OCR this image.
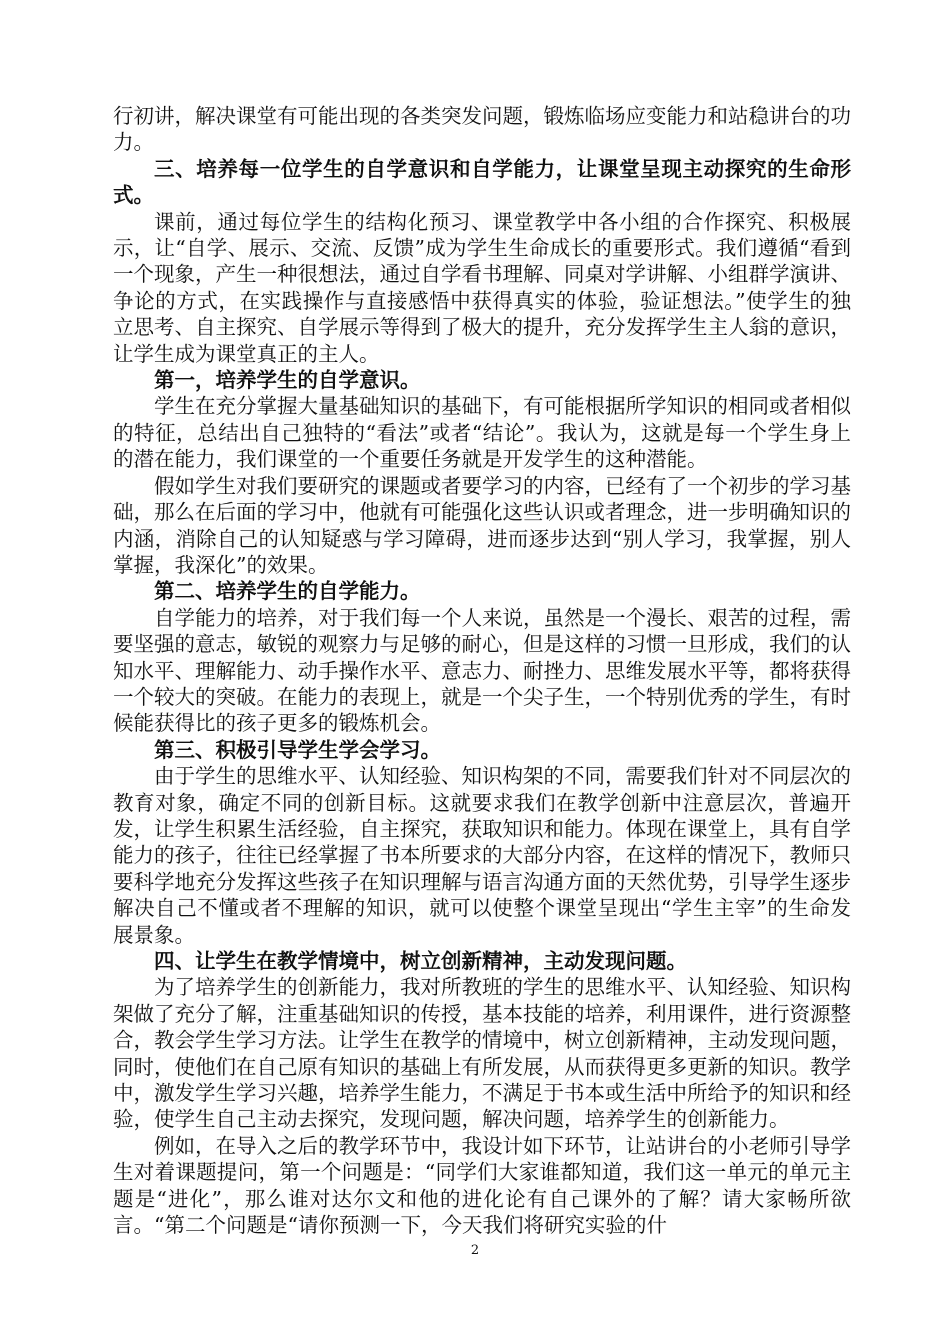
行初讲，解决课堂有可能出现的各类突发问题，锻炼临场应变能力和站稳讲台的功力。

三、培养每一位学生的自学意识和自学能力，让课堂呈现主动探究的生命形式。

课前，通过每位学生的结构化预习、课堂教学中各小组的合作探究、积极展示，让“自学、展示、交流、反馈”成为学生生命成长的重要形式。我们遵循“看到一个现象，产生一种很想法，通过自学看书理解、同桌对学讲解、小组群学演讲、争论的方式，在实践操作与直接感悟中获得真实的体验，验证想法。”使学生的独立思考、自主探究、自学展示等得到了极大的提升，充分发挥学生主人翁的意识，让学生成为课堂真正的主人。

第一，培养学生的自学意识。

学生在充分掌握大量基础知识的基础下，有可能根据所学知识的相同或者相似的特征，总结出自己独特的“看法”或者“结论”。我认为，这就是每一个学生身上的潜在能力，我们课堂的一个重要任务就是开发学生的这种潜能。

假如学生对我们要研究的课题或者要学习的内容，已经有了一个初步的学习基础，那么在后面的学习中，他就有可能强化这些认识或者理念，进一步明确知识的内涵，消除自己的认知疑惑与学习障碍，进而逐步达到“别人学习，我掌握，别人掌握，我深化”的效果。

第二、培养学生的自学能力。

自学能力的培养，对于我们每一个人来说，虽然是一个漫长、艰苦的过程，需要坚强的意志，敏锐的观察力与足够的耐心，但是这样的习惯一旦形成，我们的认知水平、理解能力、动手操作水平、意志力、耐挫力、思维发展水平等，都将获得一个较大的突破。在能力的表现上，就是一个尖子生，一个特别优秀的学生，有时候能获得比的孩子更多的锻炼机会。

第三、积极引导学生学会学习。

由于学生的思维水平、认知经验、知识构架的不同，需要我们针对不同层次的教育对象，确定不同的创新目标。这就要求我们在教学创新中注意层次，普遍开发，让学生积累生活经验，自主探究，获取知识和能力。体现在课堂上，具有自学能力的孩子，往往已经掌握了书本所要求的大部分内容，在这样的情况下，教师只要科学地充分发挥这些孩子在知识理解与语言沟通方面的天然优势，引导学生逐步解决自己不懂或者不理解的知识，就可以使整个课堂呈现出“学生主宰”的生命发展景象。

四、让学生在教学情境中，树立创新精神，主动发现问题。

为了培养学生的创新能力，我对所教班的学生的思维水平、认知经验、知识构架做了充分了解，注重基础知识的传授，基本技能的培养，利用课件，进行资源整合，教会学生学习方法。让学生在教学的情境中，树立创新精神，主动发现问题，同时，使他们在自己原有知识的基础上有所发展，从而获得更多更新的知识。教学中，激发学生学习兴趣，培养学生能力，不满足于书本或生活中所给予的知识和经验，使学生自己主动去探究，发现问题，解决问题，培养学生的创新能力。

例如，在导入之后的教学环节中，我设计如下环节，让站讲台的小老师引导学生对着课题提问，第一个问题是：“同学们大家谁都知道，我们这一单元的单元主题是“进化”，那么谁对达尔文和他的进化论有自己课外的了解？请大家畅所欲言。“第二个问题是“请你预测一下，今天我们将研究实验的什

2
